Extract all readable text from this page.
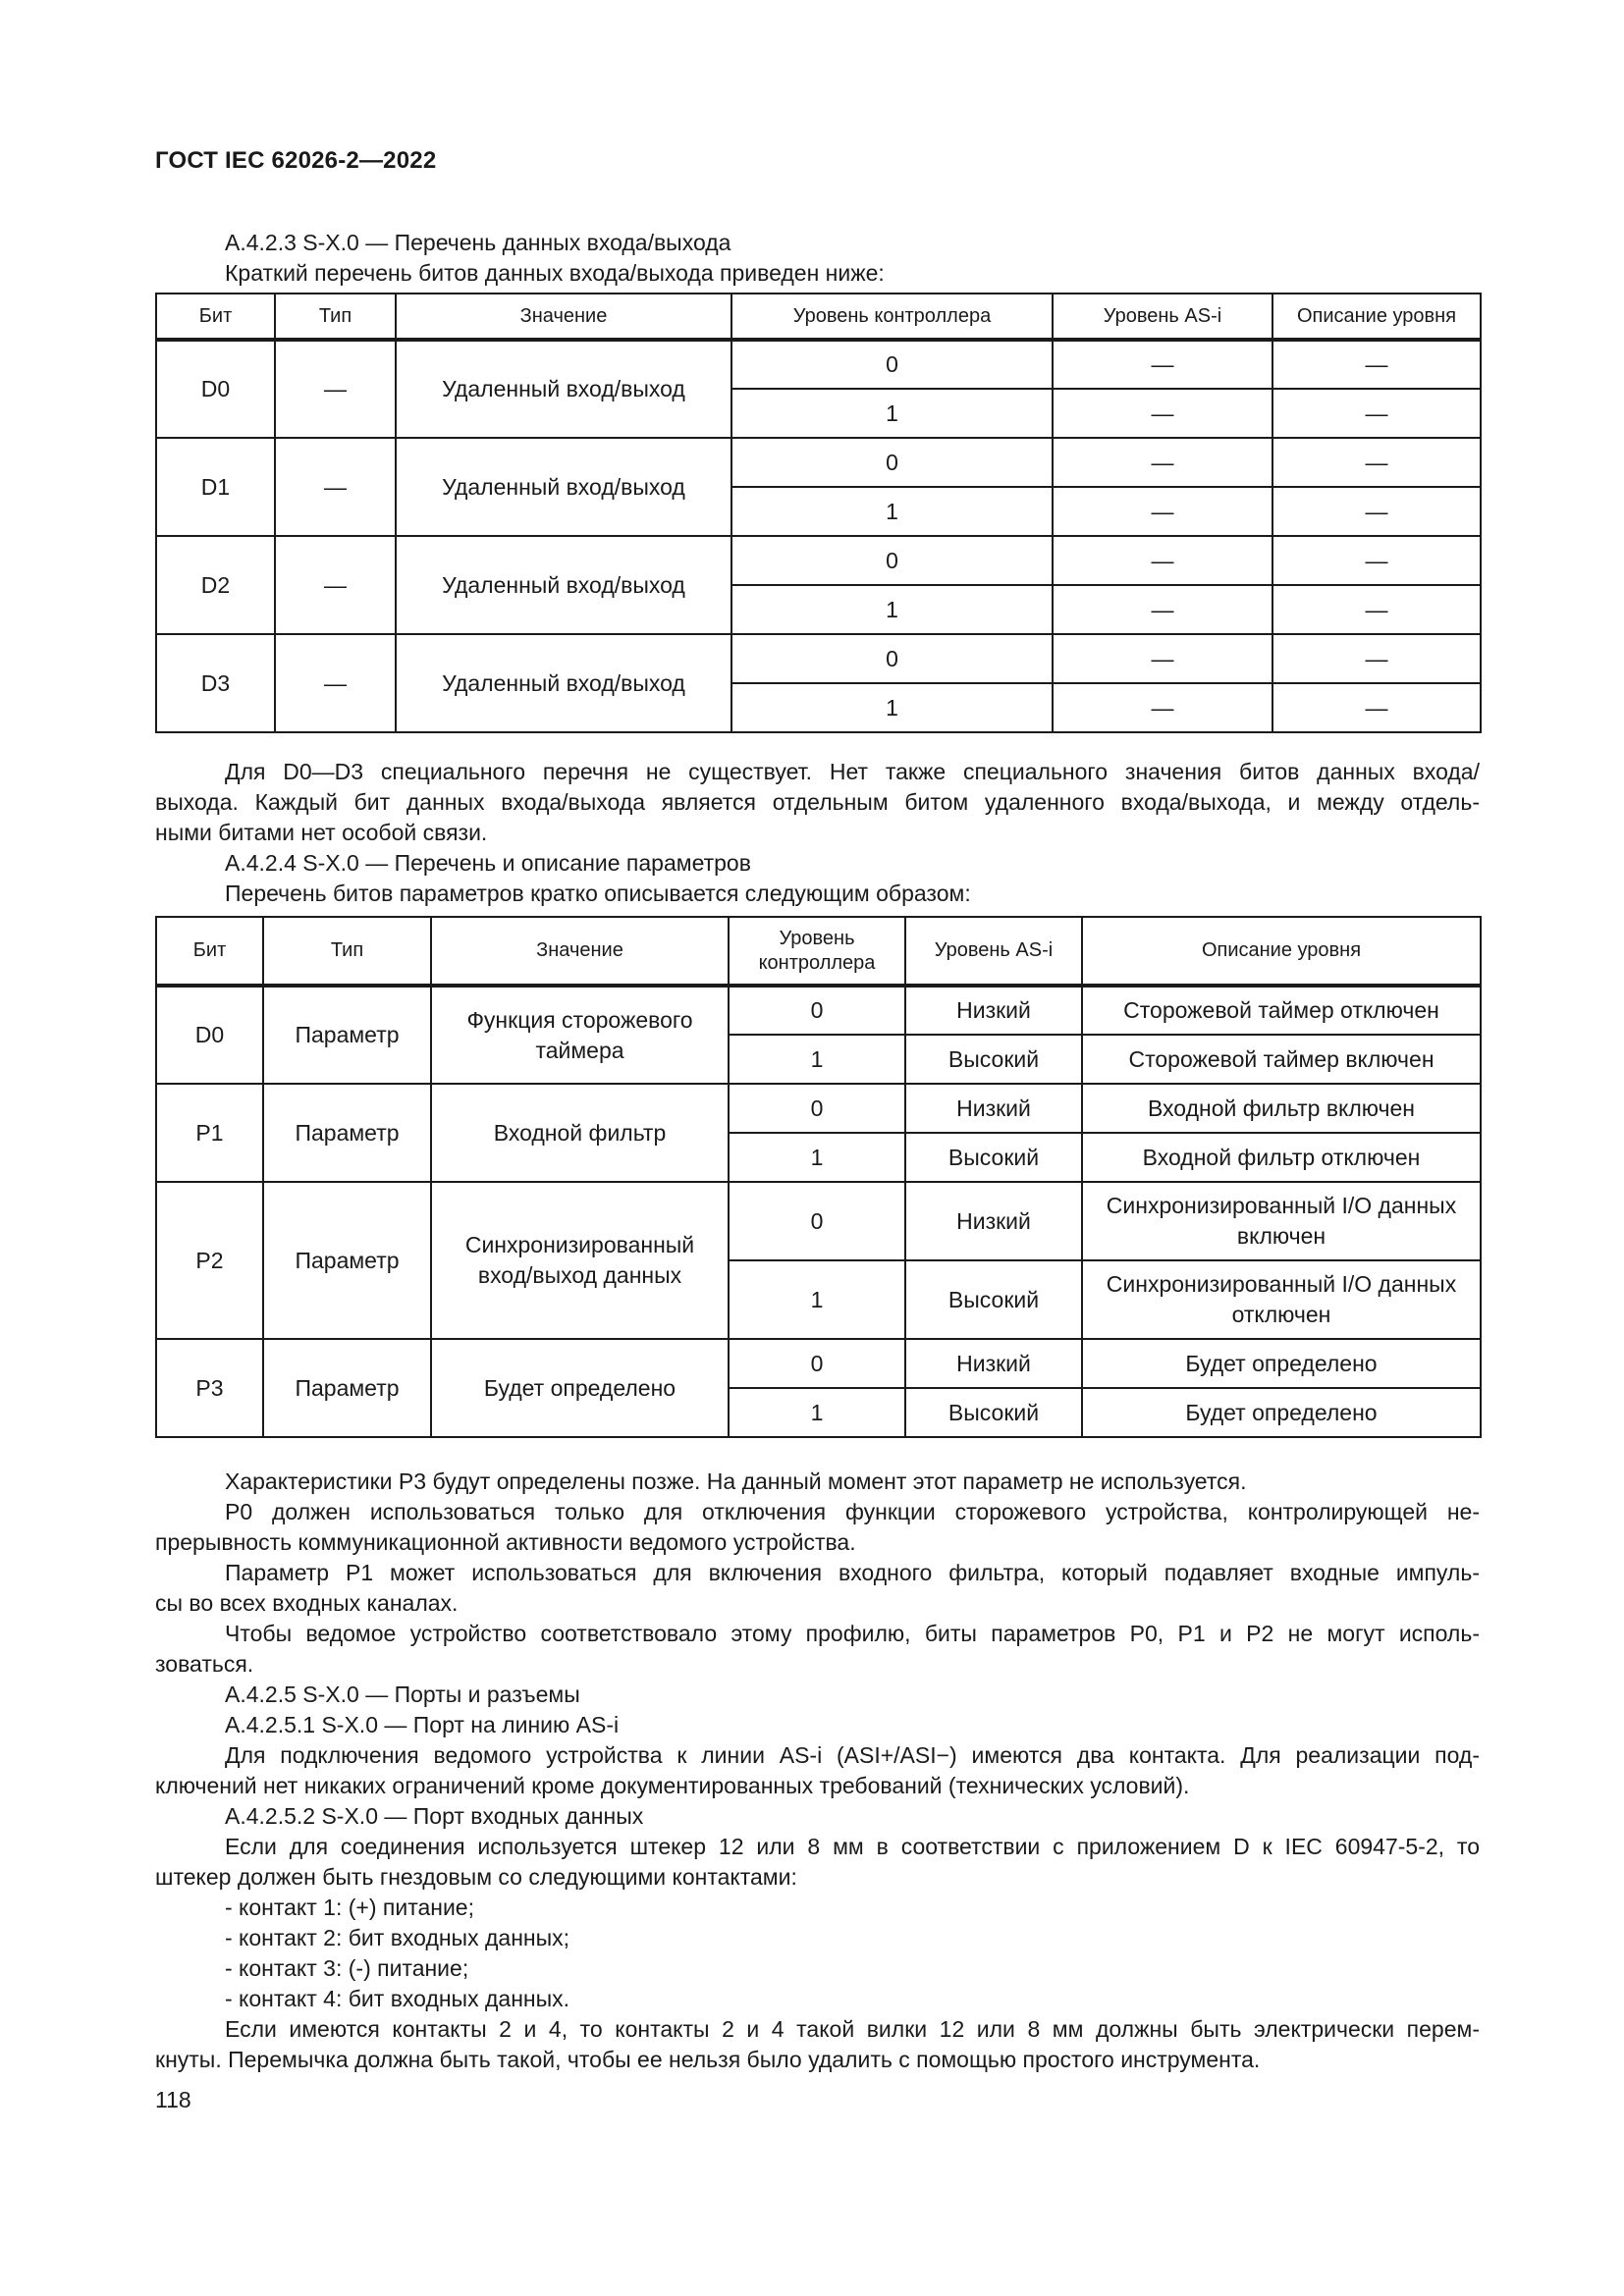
ГОСТ IEC 62026-2—2022
А.4.2.3 S-X.0 — Перечень данных входа/выхода
Краткий перечень битов данных входа/выхода приведен ниже:
Бит	Тип	Значение	Уровень контроллера	Уровень AS-i	Описание уровня
D0	—	Удаленный вход/выход	0	—	—
			1	—	—
D1	—	Удаленный вход/выход	0	—	—
			1	—	—
D2	—	Удаленный вход/выход	0	—	—
			1	—	—
D3	—	Удаленный вход/выход	0	—	—
			1	—	—
Для D0—D3 специального перечня не существует. Нет также специального значения битов данных входа/
выхода. Каждый бит данных входа/выхода является отдельным битом удаленного входа/выхода, и между отдель-
ными битами нет особой связи.
А.4.2.4 S-X.0 — Перечень и описание параметров
Перечень битов параметров кратко описывается следующим образом:
Бит	Тип	Значение	Уровень контроллера	Уровень AS-i	Описание уровня
D0	Параметр	Функция сторожевого таймера	0	Низкий	Сторожевой таймер отключен
			1	Высокий	Сторожевой таймер включен
P1	Параметр	Входной фильтр	0	Низкий	Входной фильтр включен
			1	Высокий	Входной фильтр отключен
P2	Параметр	Синхронизированный вход/выход данных	0	Низкий	Синхронизированный I/O данных включен
			1	Высокий	Синхронизированный I/O данных отключен
P3	Параметр	Будет определено	0	Низкий	Будет определено
			1	Высокий	Будет определено
Характеристики P3 будут определены позже. На данный момент этот параметр не используется.
P0 должен использоваться только для отключения функции сторожевого устройства, контролирующей не-
прерывность коммуникационной активности ведомого устройства.
Параметр P1 может использоваться для включения входного фильтра, который подавляет входные импуль-
сы во всех входных каналах.
Чтобы ведомое устройство соответствовало этому профилю, биты параметров P0, P1 и P2 не могут исполь-
зоваться.
А.4.2.5 S-X.0 — Порты и разъемы
А.4.2.5.1 S-X.0 — Порт на линию AS-i
Для подключения ведомого устройства к линии AS-i (ASI+/ASI−) имеются два контакта. Для реализации под-
ключений нет никаких ограничений кроме документированных требований (технических условий).
А.4.2.5.2 S-X.0 — Порт входных данных
Если для соединения используется штекер 12 или 8 мм в соответствии с приложением D к IEC 60947-5-2, то
штекер должен быть гнездовым со следующими контактами:
- контакт 1: (+) питание;
- контакт 2: бит входных данных;
- контакт 3: (-) питание;
- контакт 4: бит входных данных.
Если имеются контакты 2 и 4, то контакты 2 и 4 такой вилки 12 или 8 мм должны быть электрически перем-
кнуты. Перемычка должна быть такой, чтобы ее нельзя было удалить с помощью простого инструмента.
118
